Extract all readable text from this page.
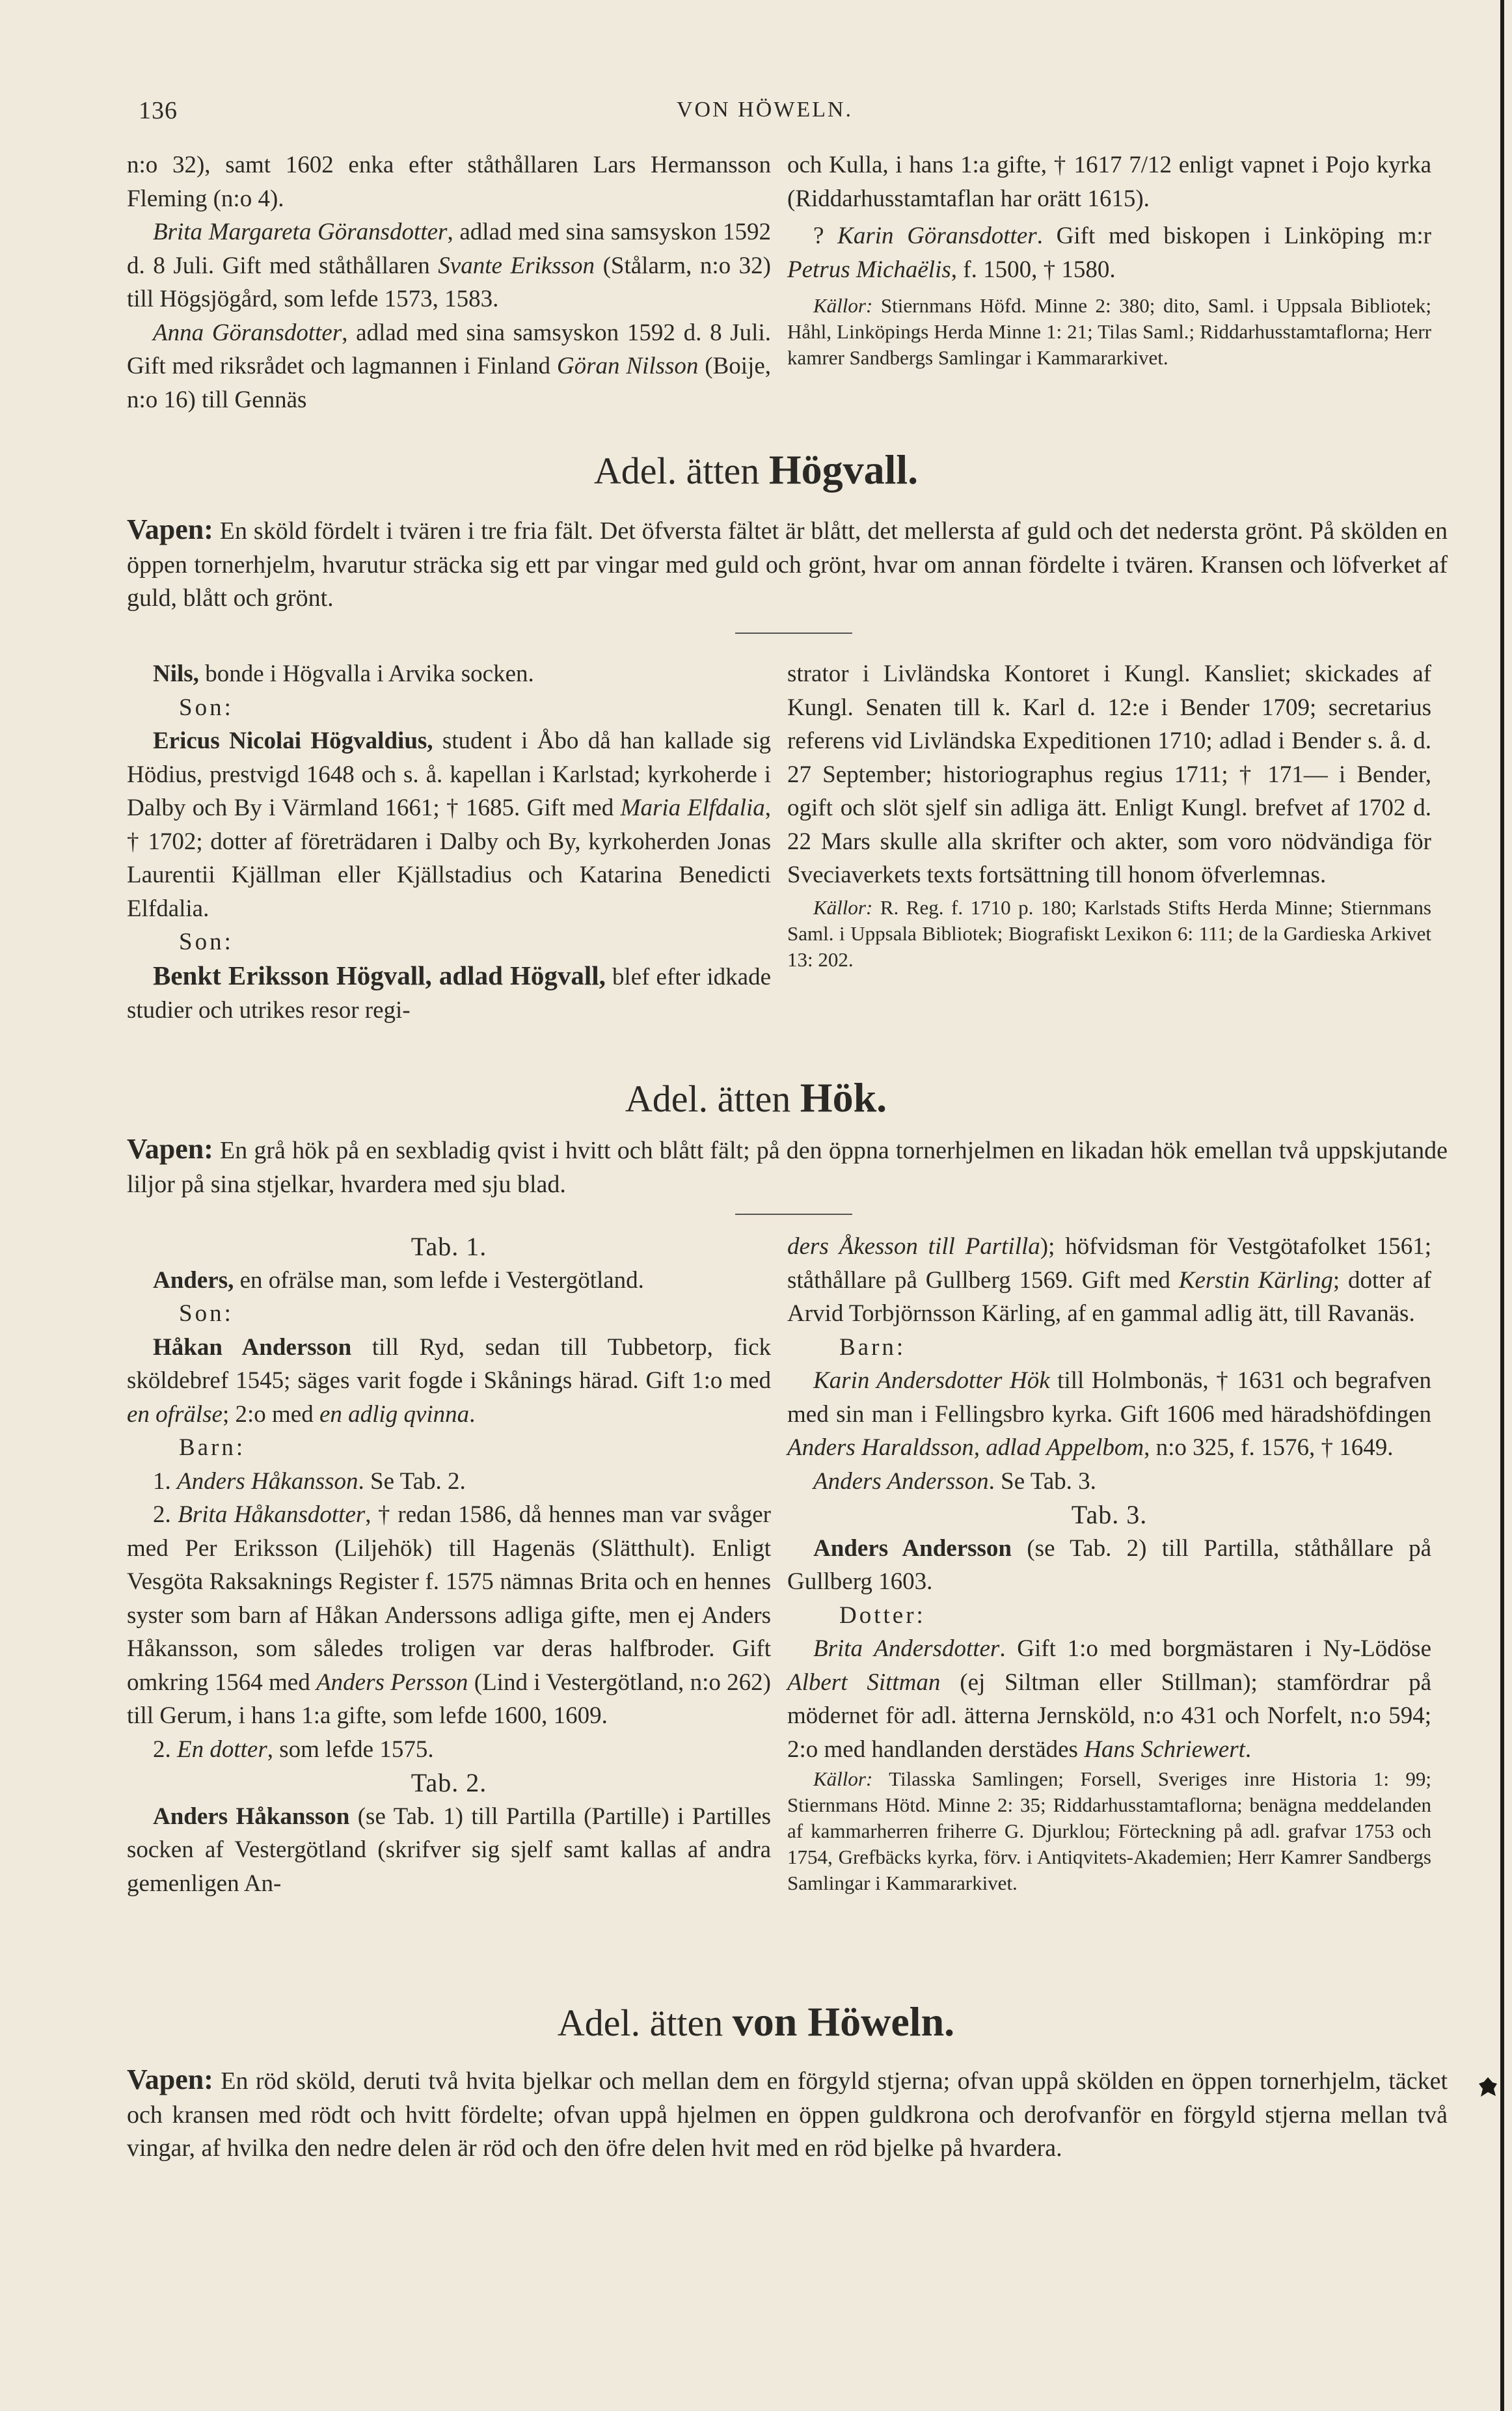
136	VON HÖWELN.

n:o 32), samt 1602 enka efter ståthållaren Lars Hermansson Fleming (n:o 4).

Brita Margareta Göransdotter, adlad med sina samsyskon 1592 d. 8 Juli. Gift med ståthållaren Svante Eriksson (Stålarm, n:o 32) till Högsjögård, som lefde 1573, 1583.

Anna Göransdotter, adlad med sina samsyskon 1592 d. 8 Juli. Gift med riksrådet och lagmannen i Finland Göran Nilsson (Boije, n:o 16) till Gennäs

och Kulla, i hans 1:a gifte, † 1617 7/12 enligt vapnet i Pojo kyrka (Riddarhusstamtaflan har orätt 1615).

? Karin Göransdotter. Gift med biskopen i Linköping m:r Petrus Michaëlis, f. 1500, † 1580.

Källor: Stiernmans Höfd. Minne 2: 380; dito, Saml. i Uppsala Bibliotek; Håhl, Linköpings Herda Minne 1: 21; Tilas Saml.; Riddarhusstamtaflorna; Herr kamrer Sandbergs Samlingar i Kammararkivet.

Adel. ätten Högvall.
Vapen: En sköld fördelt i tvären i tre fria fält. Det öfversta fältet är blått, det mellersta af guld och det nedersta grönt. På skölden en öppen tornerhjelm, hvarutur sträcka sig ett par vingar med guld och grönt, hvar om annan fördelte i tvären. Kransen och löfverket af guld, blått och grönt.

Nils, bonde i Högvalla i Arvika socken.

Son:

Ericus Nicolai Högvaldius, student i Åbo då han kallade sig Hödius, prestvigd 1648 och s. å. kapellan i Karlstad; kyrkoherde i Dalby och By i Värmland 1661; † 1685. Gift med Maria Elfdalia, † 1702; dotter af företrädaren i Dalby och By, kyrkoherden Jonas Laurentii Kjällman eller Kjällstadius och Katarina Benedicti Elfdalia.

Son:

Benkt Eriksson Högvall, adlad Högvall, blef efter idkade studier och utrikes resor regi-

strator i Livländska Kontoret i Kungl. Kansliet; skickades af Kungl. Senaten till k. Karl d. 12:e i Bender 1709; secretarius referens vid Livländska Expeditionen 1710; adlad i Bender s. å. d. 27 September; historiographus regius 1711; † 171— i Bender, ogift och slöt sjelf sin adliga ätt. Enligt Kungl. brefvet af 1702 d. 22 Mars skulle alla skrifter och akter, som voro nödvändiga för Sveciaverkets texts fortsättning till honom öfverlemnas.

Källor: R. Reg. f. 1710 p. 180; Karlstads Stifts Herda Minne; Stiernmans Saml. i Uppsala Bibliotek; Biografiskt Lexikon 6: 111; de la Gardieska Arkivet 13: 202.

Adel. ätten Hök.
Vapen: En grå hök på en sexbladig qvist i hvitt och blått fält; på den öppna tornerhjelmen en likadan hök emellan två uppskjutande liljor på sina stjelkar, hvardera med sju blad.

Tab. 1.

Anders, en ofrälse man, som lefde i Vestergötland.

Son:

Håkan Andersson till Ryd, sedan till Tubbetorp, fick sköldebref 1545; säges varit fogde i Skånings härad. Gift 1:o med en ofrälse; 2:o med en adlig qvinna.

Barn:

1. Anders Håkansson. Se Tab. 2.

2. Brita Håkansdotter, † redan 1586, då hennes man var svåger med Per Eriksson (Liljehök) till Hagenäs (Slätthult). Enligt Vesgöta Raksaknings Register f. 1575 nämnas Brita och en hennes syster som barn af Håkan Anderssons adliga gifte, men ej Anders Håkansson, som således troligen var deras halfbroder. Gift omkring 1564 med Anders Persson (Lind i Vestergötland, n:o 262) till Gerum, i hans 1:a gifte, som lefde 1600, 1609.

2. En dotter, som lefde 1575.

Tab. 2.

Anders Håkansson (se Tab. 1) till Partilla (Partille) i Partilles socken af Vestergötland (skrifver sig sjelf samt kallas af andra gemenligen An-

ders Åkesson till Partilla); höfvidsman för Vestgötafolket 1561; ståthållare på Gullberg 1569. Gift med Kerstin Kärling; dotter af Arvid Torbjörnsson Kärling, af en gammal adlig ätt, till Ravanäs.

Barn:

Karin Andersdotter Hök till Holmbonäs, † 1631 och begrafven med sin man i Fellingsbro kyrka. Gift 1606 med häradshöfdingen Anders Haraldsson, adlad Appelbom, n:o 325, f. 1576, † 1649.

Anders Andersson. Se Tab. 3.

Tab. 3.

Anders Andersson (se Tab. 2) till Partilla, ståthållare på Gullberg 1603.

Dotter:

Brita Andersdotter. Gift 1:o med borgmästaren i Ny-Lödöse Albert Sittman (ej Siltman eller Stillman); stamfördrar på mödernet för adl. ätterna Jernsköld, n:o 431 och Norfelt, n:o 594; 2:o med handlanden derstädes Hans Schriewert.

Källor: Tilasska Samlingen; Forsell, Sveriges inre Historia 1: 99; Stiernmans Hötd. Minne 2: 35; Riddarhusstamtaflorna; benägna meddelanden af kammarherren friherre G. Djurklou; Förteckning på adl. grafvar 1753 och 1754, Grefbäcks kyrka, förv. i Antiqvitets-Akademien; Herr Kamrer Sandbergs Samlingar i Kammararkivet.

Adel. ätten von Höweln.
Vapen: En röd sköld, deruti två hvita bjelkar och mellan dem en förgyld stjerna; ofvan uppå skölden en öppen tornerhjelm, täcket och kransen med rödt och hvitt fördelte; ofvan uppå hjelmen en öppen guldkrona och derofvanför en förgyld stjerna mellan två vingar, af hvilka den nedre delen är röd och den öfre delen hvit med en röd bjelke på hvardera.
